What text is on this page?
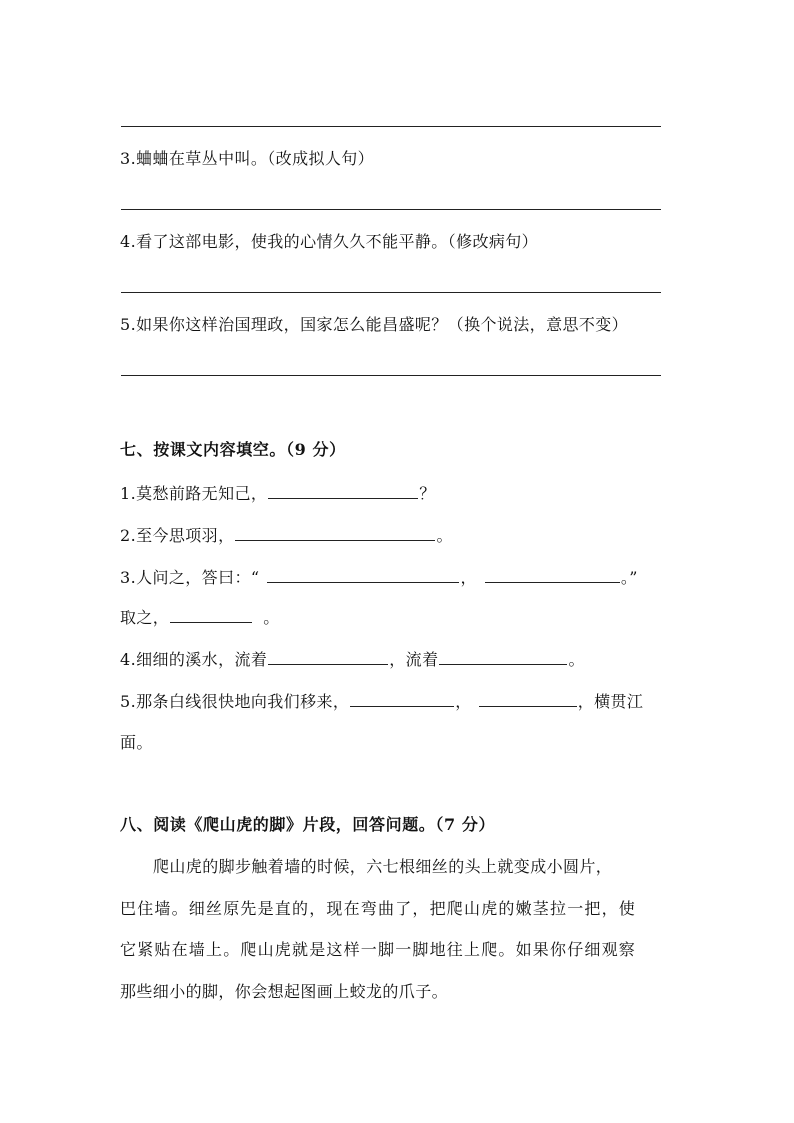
3.蛐蛐在草丛中叫。（改成拟人句）
4.看了这部电影，使我的心情久久不能平静。（修改病句）
5.如果你这样治国理政，国家怎么能昌盛呢？（换个说法，意思不变）
七、按课文内容填空。（9 分）
1.莫愁前路无知己，	？
2.至今思项羽，	。
3.人问之，答曰：“	，	。”
取之，	。
4.细细的溪水，流着	，流着	。
5.那条白线很快地向我们移来，	，	，横贯江
面。
八、阅读《爬山虎的脚》片段，回答问题。（7 分）
爬山虎的脚步触着墙的时候，六七根细丝的头上就变成小圆片，
巴住墙。细丝原先是直的，现在弯曲了，把爬山虎的嫩茎拉一把，使
它紧贴在墙上。爬山虎就是这样一脚一脚地往上爬。如果你仔细观察
那些细小的脚，你会想起图画上蛟龙的爪子。
